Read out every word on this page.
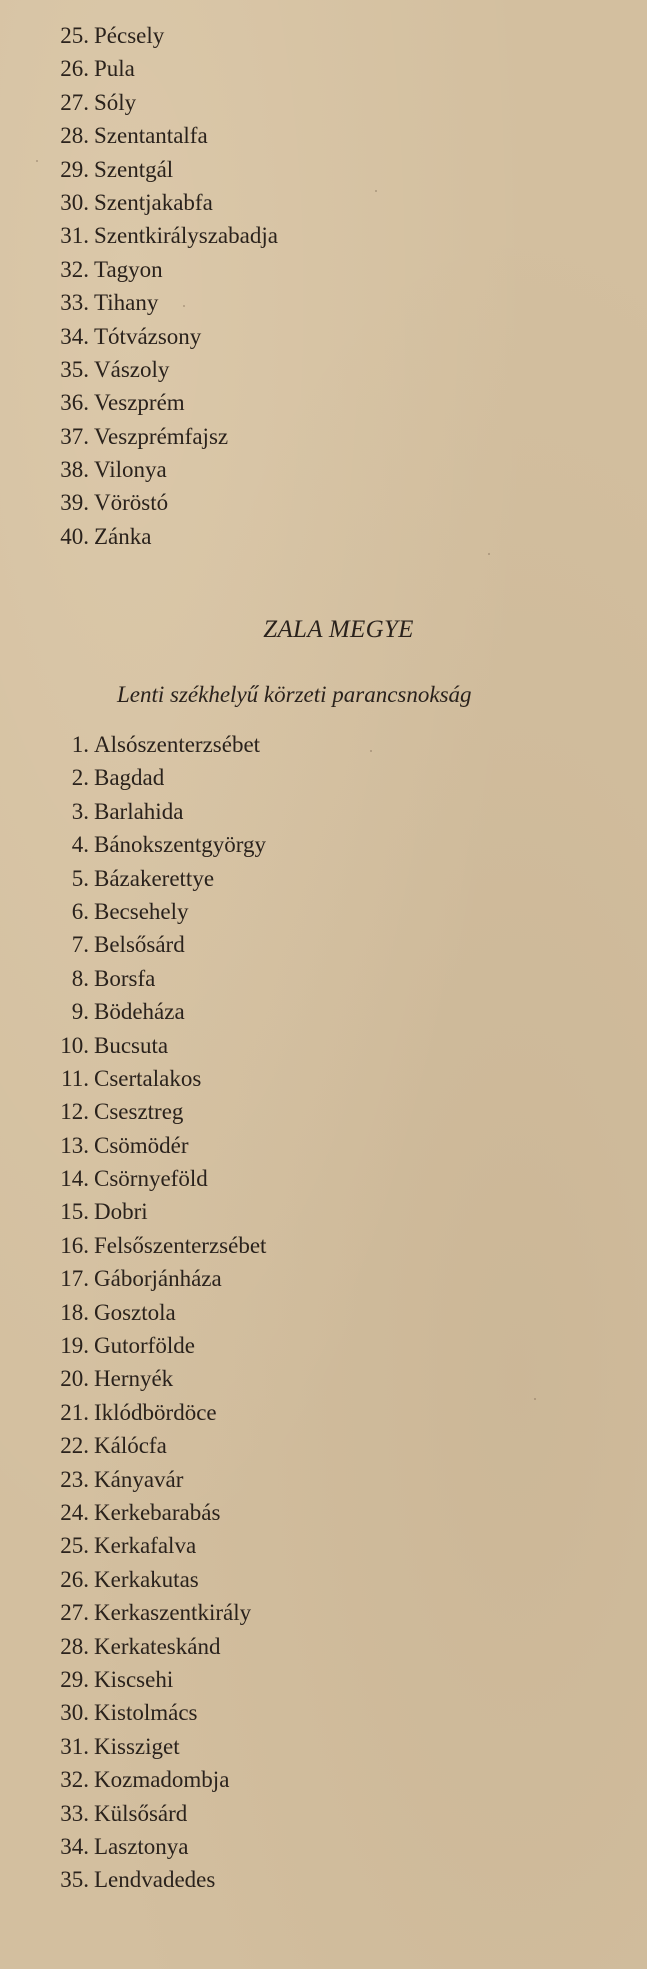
25. Pécsely
26. Pula
27. Sóly
28. Szentantalfa
29. Szentgál
30. Szentjakabfa
31. Szentkirályszabadja
32. Tagyon
33. Tihany
34. Tótvázsony
35. Vászoly
36. Veszprém
37. Veszprémfajsz
38. Vilonya
39. Vöröstó
40. Zánka
ZALA MEGYE
Lenti székhelyű körzeti parancsnokság
1. Alsószenterzsébet
2. Bagdad
3. Barlahida
4. Bánokszentgyörgy
5. Bázakerettye
6. Becsehely
7. Belsősárd
8. Borsfa
9. Bödeháza
10. Bucsuta
11. Csertalakos
12. Csesztreg
13. Csömödér
14. Csörnyeföld
15. Dobri
16. Felsőszenterzsébet
17. Gáborjánháza
18. Gosztola
19. Gutorfölde
20. Hernyék
21. Iklódbördöce
22. Kálócfa
23. Kányavár
24. Kerkebarabás
25. Kerkafalva
26. Kerkakutas
27. Kerkaszentkirály
28. Kerkateskánd
29. Kiscsehi
30. Kistolmács
31. Kissziget
32. Kozmadombja
33. Külsősárd
34. Lasztonya
35. Lendvadedes
